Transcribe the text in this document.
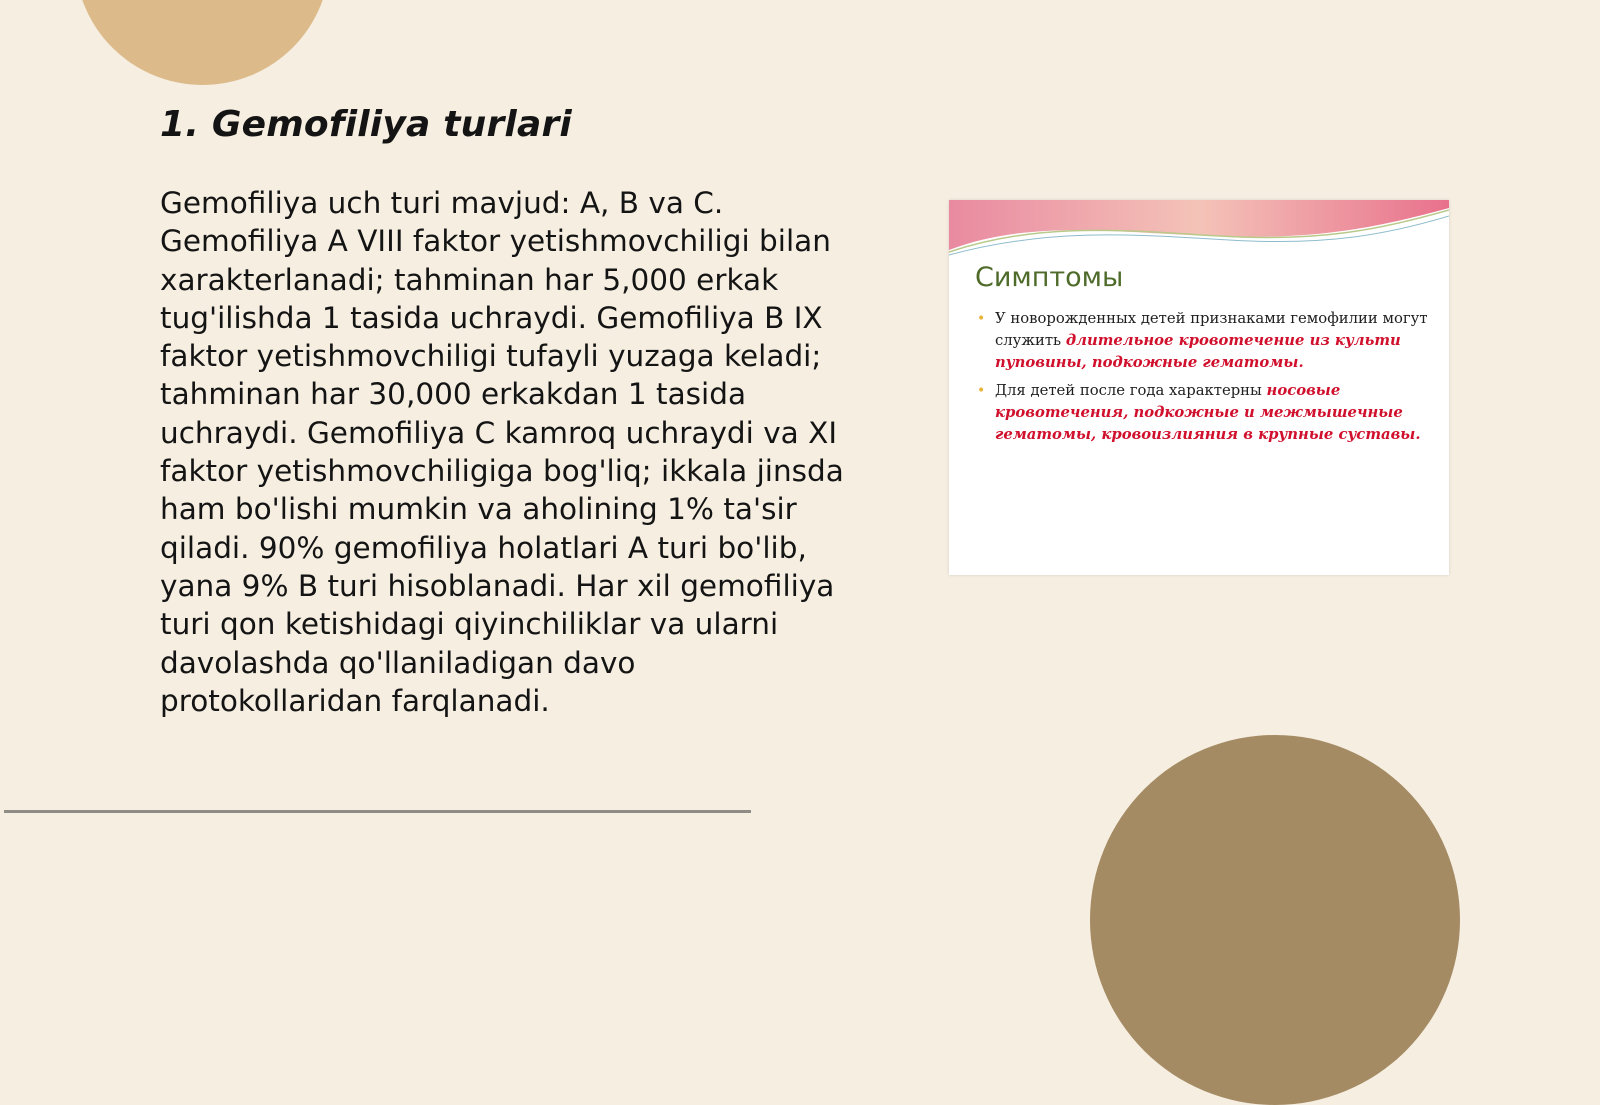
1. Gemofiliya turlari

Gemofiliya uch turi mavjud: A, B va C. Gemofiliya A VIII faktor yetishmovchiligi bilan xarakterlanadi; tahminan har 5,000 erkak tug'ilishda 1 tasida uchraydi. Gemofiliya B IX faktor yetishmovchiligi tufayli yuzaga keladi; tahminan har 30,000 erkakdan 1 tasida uchraydi. Gemofiliya C kamroq uchraydi va XI faktor yetishmovchiligiga bog'liq; ikkala jinsda ham bo'lishi mumkin va aholining 1% ta'sir qiladi. 90% gemofiliya holatlari A turi bo'lib, yana 9% B turi hisoblanadi. Har xil gemofiliya turi qon ketishidagi qiyinchiliklar va ularni davolashda qo'llaniladigan davo protokollaridan farqlanadi.

Симптомы
• У новорожденных детей признаками гемофилии могут служить длительное кровотечение из культи пуповины, подкожные гематомы.
• Для детей после года характерны носовые кровотечения, подкожные и межмышечные гематомы, кровоизлияния в крупные суставы.
